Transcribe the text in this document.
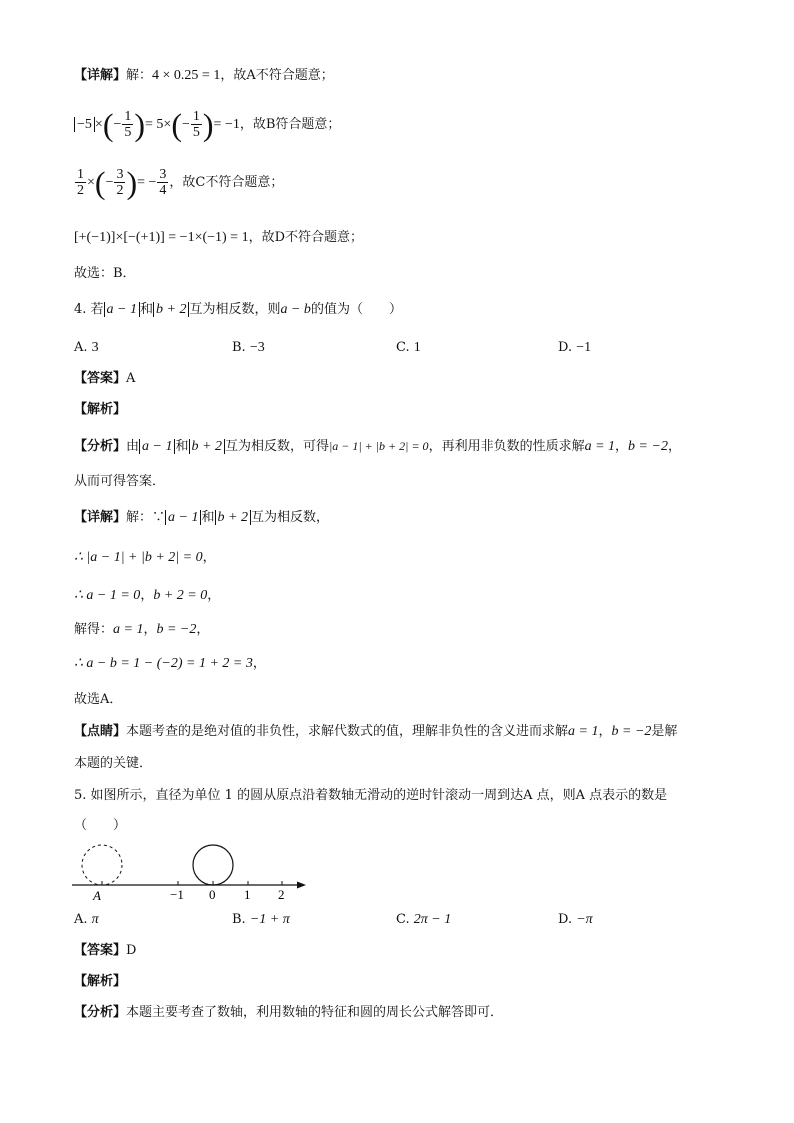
【详解】解：4 × 0.25 = 1，故A不符合题意；
−5 ×(− $\frac{1}{5}$ )= $5\times(- \frac{1}{5}$ )= −1，故B符合题意；
$\frac{1}{2}$ ×(− $\frac{3}{2}$ )= − $\frac{3}{4}$ ，故C不符合题意；
[+(−1)]×[−(+1)] = −1×(−1) = 1，故D不符合题意；
故选：B．
4. 若 a − 1 和 b + 2 互为相反数，则a − b的值为（　　）
A. 3	B. −3	C. 1	D. −1
【答案】A
【解析】
【分析】由 a − 1 和 b + 2 互为相反数，可得|a − 1| + |b + 2| = 0，再利用非负数的性质求解a = 1，b = −2，
从而可得答案．
【详解】解：∵ a − 1 和 b + 2 互为相反数，
∴ |a − 1| + |b + 2| = 0，
∴ a − 1 = 0，b + 2 = 0，
解得：a = 1，b = −2，
∴ a − b = 1 − (−2) = 1 + 2 = 3，
故选A．
【点睛】本题考查的是绝对值的非负性，求解代数式的值，理解非负性的含义进而求解a = 1，b = −2是解
本题的关键．
5. 如图所示，直径为单位 1 的圆从原点沿着数轴无滑动的逆时针滚动一周到达A 点，则A 点表示的数是
（　　）
A	−1 0 1 2
A. π	B. −1 + π	C. 2π − 1	D. −π
【答案】D
【解析】
【分析】本题主要考查了数轴，利用数轴的特征和圆的周长公式解答即可．
